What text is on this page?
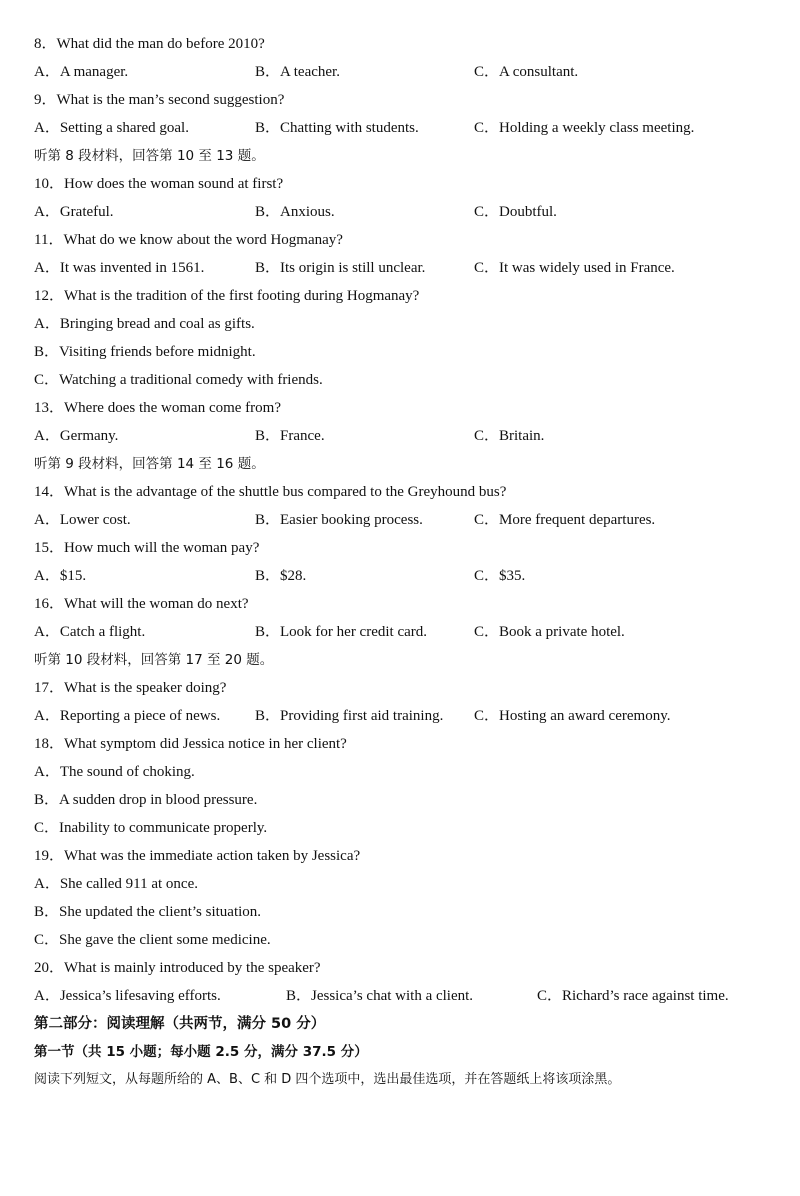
8．What did the man do before 2010?
A．A manager.	B．A teacher.	C．A consultant.
9．What is the man’s second suggestion?
A．Setting a shared goal.	B．Chatting with students.	C．Holding a weekly class meeting.
听第 8 段材料，回答第 10 至 13 题。
10．How does the woman sound at first?
A．Grateful.	B．Anxious.	C．Doubtful.
11．What do we know about the word Hogmanay?
A．It was invented in 1561.	B．Its origin is still unclear.	C．It was widely used in France.
12．What is the tradition of the first footing during Hogmanay?
A．Bringing bread and coal as gifts.
B．Visiting friends before midnight.
C．Watching a traditional comedy with friends.
13．Where does the woman come from?
A．Germany.	B．France.	C．Britain.
听第 9 段材料，回答第 14 至 16 题。
14．What is the advantage of the shuttle bus compared to the Greyhound bus?
A．Lower cost.	B．Easier booking process.	C．More frequent departures.
15．How much will the woman pay?
A．$15.	B．$28.	C．$35.
16．What will the woman do next?
A．Catch a flight.	B．Look for her credit card.	C．Book a private hotel.
听第 10 段材料，回答第 17 至 20 题。
17．What is the speaker doing?
A．Reporting a piece of news. B．Providing first aid training. C．Hosting an award ceremony.
18．What symptom did Jessica notice in her client?
A．The sound of choking.
B．A sudden drop in blood pressure.
C．Inability to communicate properly.
19．What was the immediate action taken by Jessica?
A．She called 911 at once.
B．She updated the client’s situation.
C．She gave the client some medicine.
20．What is mainly introduced by the speaker?
A．Jessica’s lifesaving efforts.	B．Jessica’s chat with a client.	C．Richard’s race against time.
第二部分：阅读理解（共两节，满分 50 分）
第一节（共 15 小题；每小题 2.5 分，满分 37.5 分）
阅读下列短文，从每题所给的 A、B、C 和 D 四个选项中，选出最佳选项，并在答题纸上将该项涂黑。
